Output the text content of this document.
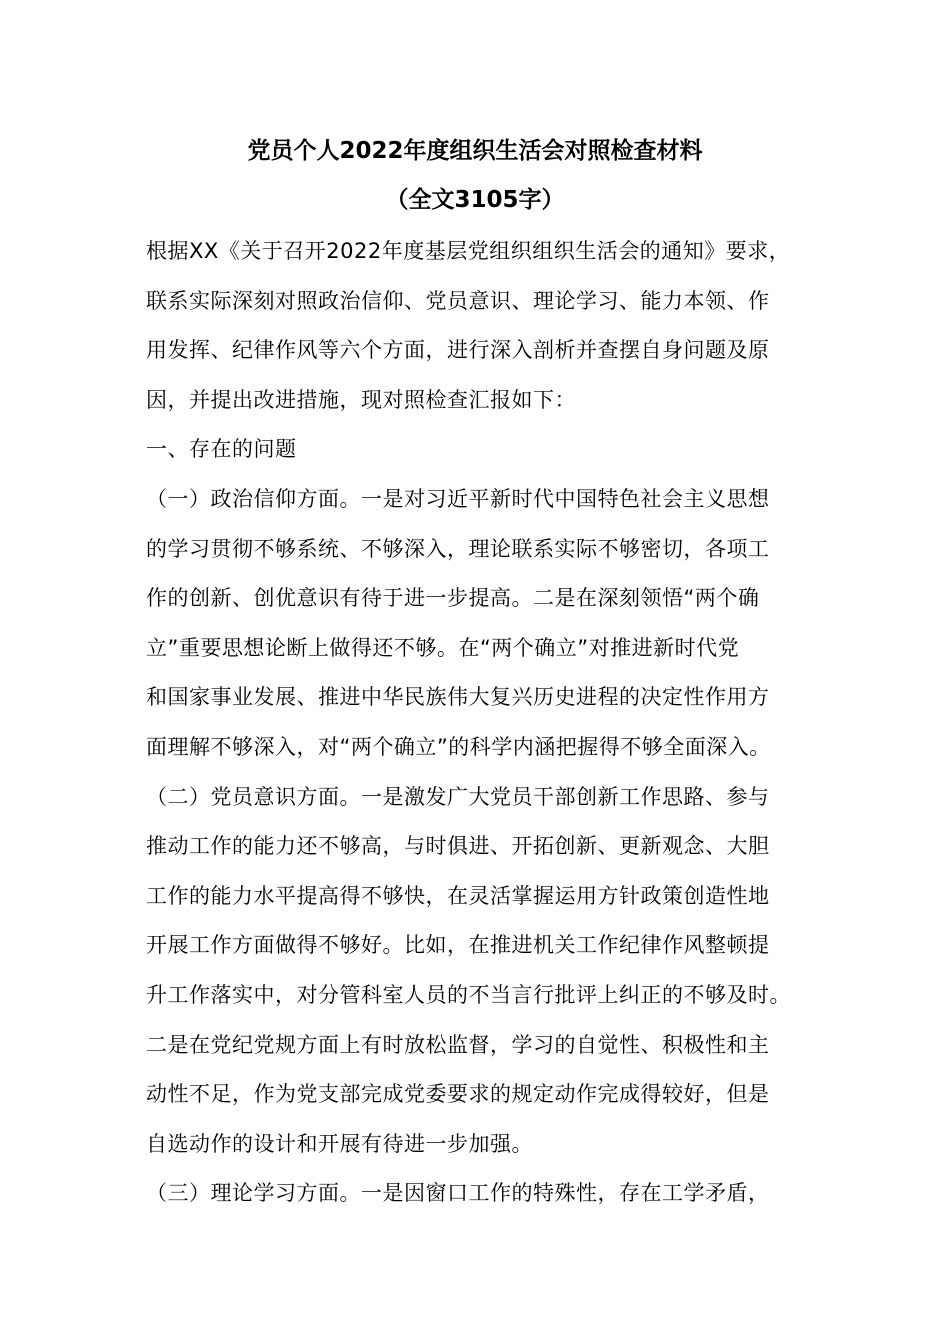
党员个人2022年度组织生活会对照检查材料
（全文3105字）
根据XX《关于召开2022年度基层党组织组织生活会的通知》要求，
联系实际深刻对照政治信仰、党员意识、理论学习、能力本领、作
用发挥、纪律作风等六个方面，进行深入剖析并查摆自身问题及原
因，并提出改进措施，现对照检查汇报如下：
一、存在的问题
（一）政治信仰方面。一是对习近平新时代中国特色社会主义思想
的学习贯彻不够系统、不够深入，理论联系实际不够密切，各项工
作的创新、创优意识有待于进一步提高。二是在深刻领悟“两个确
立”重要思想论断上做得还不够。在“两个确立”对推进新时代党
和国家事业发展、推进中华民族伟大复兴历史进程的决定性作用方
面理解不够深入，对“两个确立”的科学内涵把握得不够全面深入。
（二）党员意识方面。一是激发广大党员干部创新工作思路、参与
推动工作的能力还不够高，与时俱进、开拓创新、更新观念、大胆
工作的能力水平提高得不够快，在灵活掌握运用方针政策创造性地
开展工作方面做得不够好。比如，在推进机关工作纪律作风整顿提
升工作落实中，对分管科室人员的不当言行批评上纠正的不够及时。
二是在党纪党规方面上有时放松监督，学习的自觉性、积极性和主
动性不足，作为党支部完成党委要求的规定动作完成得较好，但是
自选动作的设计和开展有待进一步加强。
（三）理论学习方面。一是因窗口工作的特殊性，存在工学矛盾，
